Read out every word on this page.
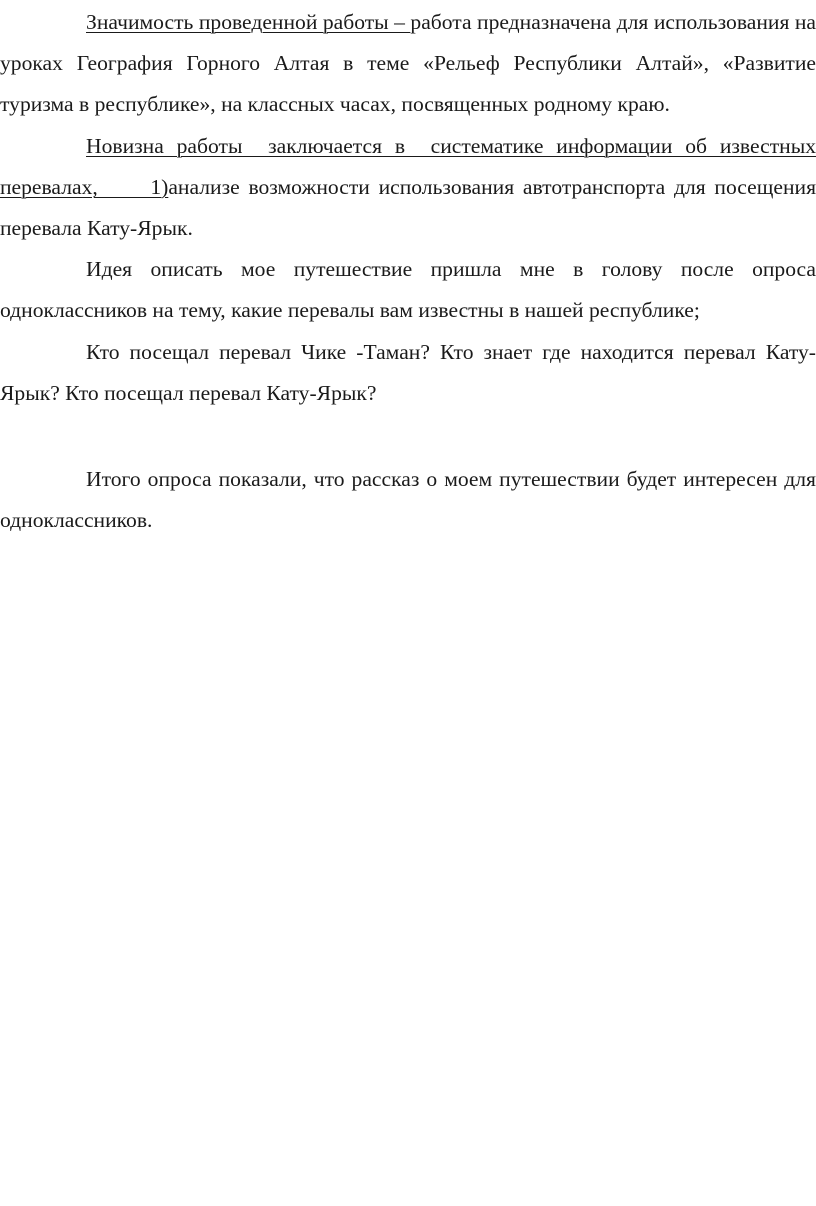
Значимость проведенной работы – работа предназначена для использования на уроках География Горного Алтая в теме «Рельеф Республики Алтай», «Развитие туризма в республике», на классных часах, посвященных родному краю.

Новизна работы  заключается в  систематике информации об известных перевалах,      1)анализе возможности использования автотранспорта для посещения перевала Кату-Ярык.

Идея описать мое путешествие пришла мне в голову после опроса одноклассников на тему, какие перевалы вам известны в нашей республике;

Кто посещал перевал Чике -Таман? Кто знает где находится перевал Кату-Ярык? Кто посещал перевал Кату-Ярык?

Итого опроса показали, что рассказ о моем путешествии будет интересен для одноклассников.
